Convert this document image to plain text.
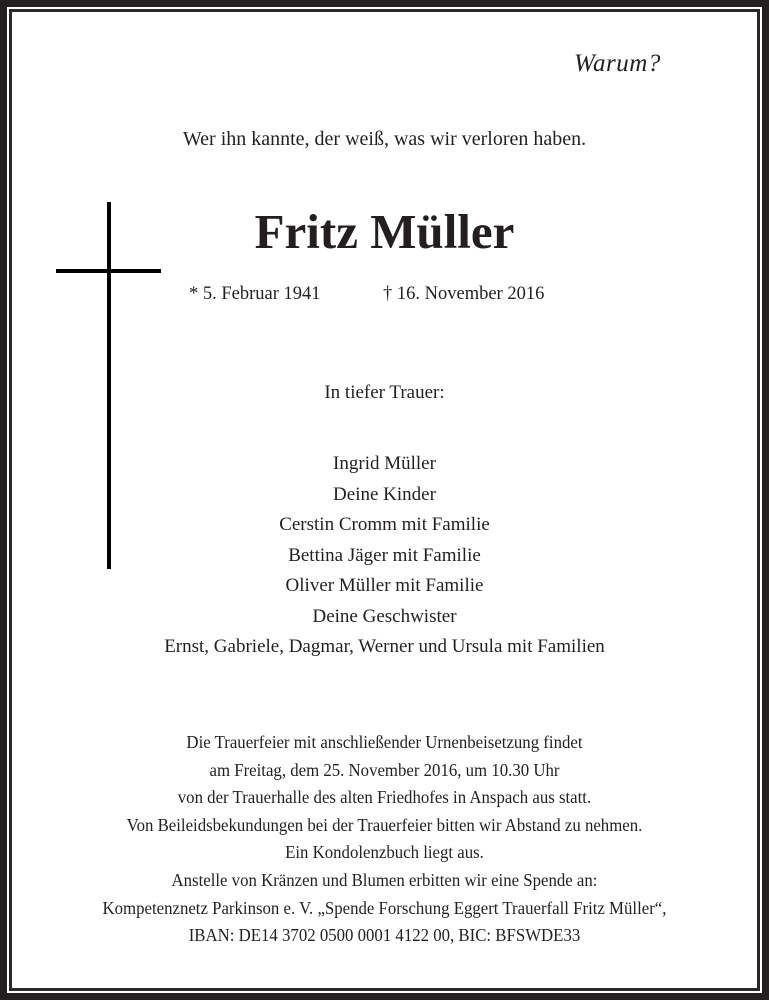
Warum?
Wer ihn kannte, der weiß, was wir verloren haben.
Fritz Müller
* 5. Februar 1941	† 16. November 2016
In tiefer Trauer:
Ingrid Müller
Deine Kinder
Cerstin Cromm mit Familie
Bettina Jäger mit Familie
Oliver Müller mit Familie
Deine Geschwister
Ernst, Gabriele, Dagmar, Werner und Ursula mit Familien
Die Trauerfeier mit anschließender Urnenbeisetzung findet
am Freitag, dem 25. November 2016, um 10.30 Uhr
von der Trauerhalle des alten Friedhofes in Anspach aus statt.
Von Beileidsbekundungen bei der Trauerfeier bitten wir Abstand zu nehmen.
Ein Kondolenzbuch liegt aus.
Anstelle von Kränzen und Blumen erbitten wir eine Spende an:
Kompetenznetz Parkinson e. V. „Spende Forschung Eggert Trauerfall Fritz Müller“,
IBAN: DE14 3702 0500 0001 4122 00, BIC: BFSWDE33
